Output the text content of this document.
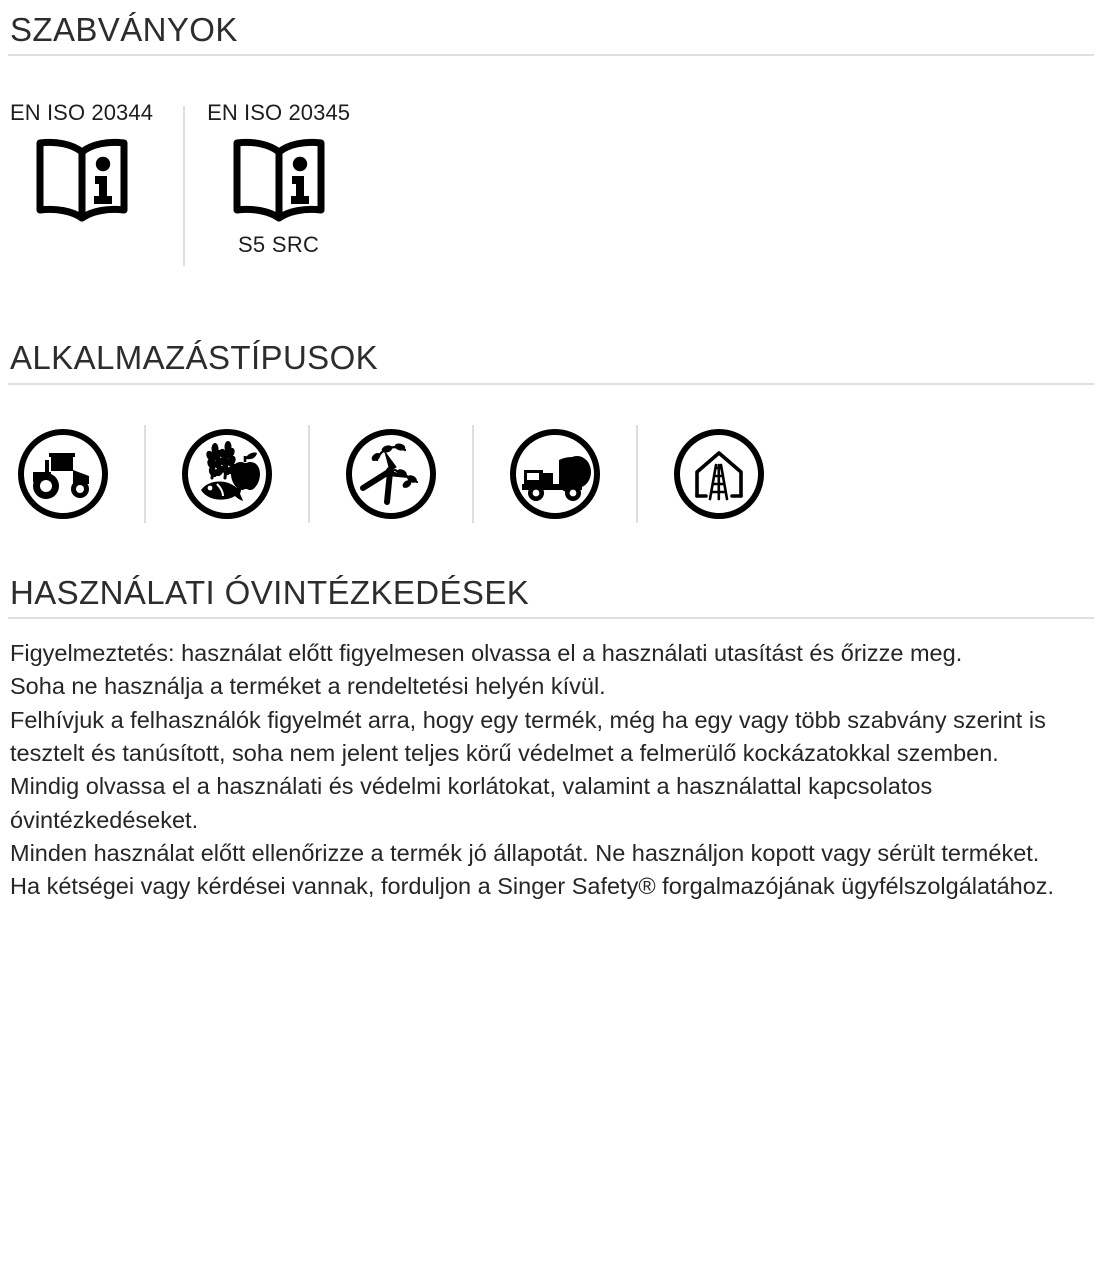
SZABVÁNYOK
EN ISO 20344 EN ISO 20345
S5 SRC
ALKALMAZÁSTÍPUSOK
HASZNÁLATI ÓVINTÉZKEDÉSEK

Figyelmeztetés: használat előtt figyelmesen olvassa el a használati utasítást és őrizze meg.

Soha ne használja a terméket a rendeltetési helyén kívül.

Felhívjuk a felhasználók figyelmét arra, hogy egy termék, még ha egy vagy több szabvány szerint is tesztelt és tanúsított, soha nem jelent teljes körű védelmet a felmerülő kockázatokkal szemben.

Mindig olvassa el a használati és védelmi korlátokat, valamint a használattal kapcsolatos óvintézkedéseket.

Minden használat előtt ellenőrizze a termék jó állapotát. Ne használjon kopott vagy sérült terméket.

Ha kétségei vagy kérdései vannak, forduljon a Singer Safety® forgalmazójának ügyfélszolgálatához.
